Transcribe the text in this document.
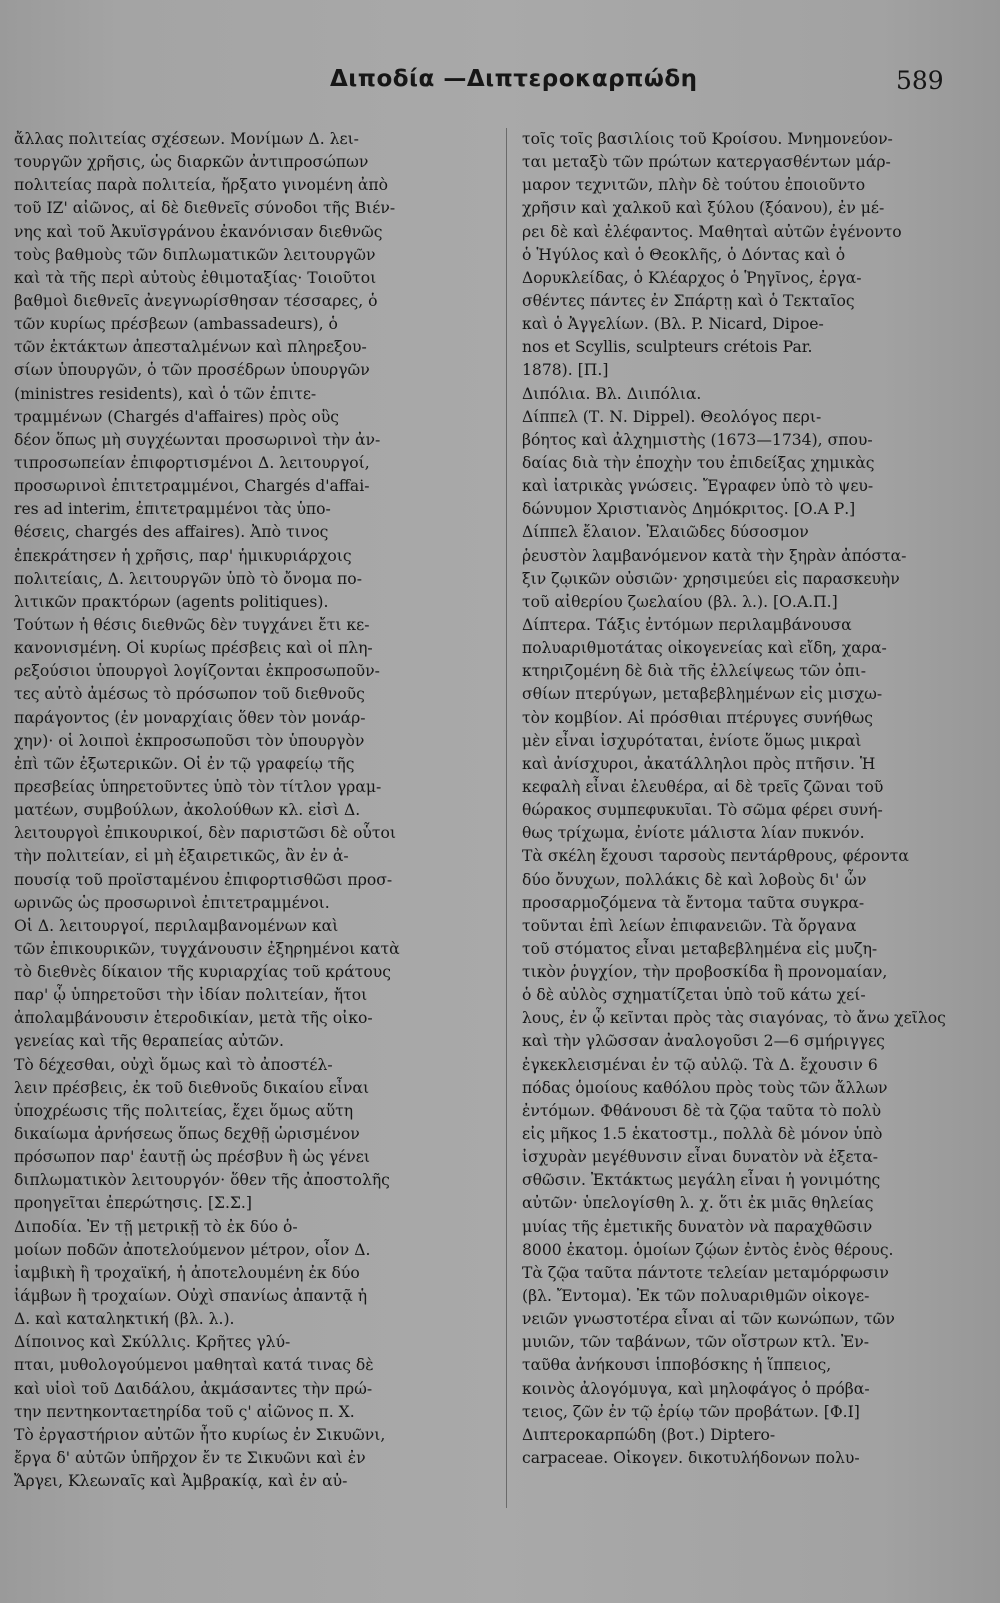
Διποδία —Διπτεροκαρπώδη	589
ἄλλας πολιτείας σχέσεων. Μονίμων Δ. λει-
τουργῶν χρῆσις, ὡς διαρκῶν ἀντιπροσώπων
πολιτείας παρὰ πολιτεία, ἤρξατο γινομένη ἀπὸ
τοῦ ΙΖ' αἰῶνος, αἱ δὲ διεθνεῖς σύνοδοι τῆς Βιέν-
νης καὶ τοῦ Ἀκυϊσγράνου ἐκανόνισαν διεθνῶς
τοὺς βαθμοὺς τῶν διπλωματικῶν λειτουργῶν
καὶ τὰ τῆς περὶ αὐτοὺς ἐθιμοταξίας· Τοιοῦτοι
βαθμοὶ διεθνεῖς ἀνεγνωρίσθησαν τέσσαρες, ὁ
τῶν κυρίως πρέσβεων (ambassadeurs), ὁ
τῶν ἐκτάκτων ἀπεσταλμένων καὶ πληρεξου-
σίων ὑπουργῶν, ὁ τῶν προσέδρων ὑπουργῶν
(ministres residents), καὶ ὁ τῶν ἐπιτε-
τραμμένων (Chargés d'affaires) πρὸς οὓς
δέον ὅπως μὴ συγχέωνται προσωρινοὶ τὴν ἀν-
τιπροσωπείαν ἐπιφορτισμένοι Δ. λειτουργοί,
προσωρινοὶ ἐπιτετραμμένοι, Chargés d'affai-
res ad interim, ἐπιτετραμμένοι τὰς ὑπο-
θέσεις, chargés des affaires). Ἀπὸ τινος
ἐπεκράτησεν ἡ χρῆσις, παρ' ἡμικυριάρχοις
πολιτείαις, Δ. λειτουργῶν ὑπὸ τὸ ὄνομα πο-
λιτικῶν πρακτόρων (agents politiques).
Τούτων ἡ θέσις διεθνῶς δὲν τυγχάνει ἔτι κε-
κανονισμένη. Οἱ κυρίως πρέσβεις καὶ οἱ πλη-
ρεξούσιοι ὑπουργοὶ λογίζονται ἐκπροσωποῦν-
τες αὐτὸ ἀμέσως τὸ πρόσωπον τοῦ διεθνοῦς
παράγοντος (ἐν μοναρχίαις ὅθεν τὸν μονάρ-
χην)· οἱ λοιποὶ ἐκπροσωποῦσι τὸν ὑπουργὸν
ἐπὶ τῶν ἐξωτερικῶν. Οἱ ἐν τῷ γραφείῳ τῆς
πρεσβείας ὑπηρετοῦντες ὑπὸ τὸν τίτλον γραμ-
ματέων, συμβούλων, ἀκολούθων κλ. εἰσὶ Δ.
λειτουργοὶ ἐπικουρικοί, δὲν παριστῶσι δὲ οὗτοι
τὴν πολιτείαν, εἰ μὴ ἐξαιρετικῶς, ἂν ἐν ἀ-
πουσίᾳ τοῦ προϊσταμένου ἐπιφορτισθῶσι προσ-
ωρινῶς ὡς προσωρινοὶ ἐπιτετραμμένοι.
Οἱ Δ. λειτουργοί, περιλαμβανομένων καὶ
τῶν ἐπικουρικῶν, τυγχάνουσιν ἐξηρημένοι κατὰ
τὸ διεθνὲς δίκαιον τῆς κυριαρχίας τοῦ κράτους
παρ' ᾧ ὑπηρετοῦσι τὴν ἰδίαν πολιτείαν, ἤτοι
ἀπολαμβάνουσιν ἑτεροδικίαν, μετὰ τῆς οἰκο-
γενείας καὶ τῆς θεραπείας αὐτῶν.
Τὸ δέχεσθαι, οὐχὶ ὅμως καὶ τὸ ἀποστέλ-
λειν πρέσβεις, ἐκ τοῦ διεθνοῦς δικαίου εἶναι
ὑποχρέωσις τῆς πολιτείας, ἔχει ὅμως αὕτη
δικαίωμα ἀρνήσεως ὅπως δεχθῇ ὡρισμένον
πρόσωπον παρ' ἑαυτῇ ὡς πρέσβυν ἢ ὡς γένει
διπλωματικὸν λειτουργόν· ὅθεν τῆς ἀποστολῆς
προηγεῖται ἐπερώτησις. [Σ.Σ.]
Διποδία. Ἐν τῇ μετρικῇ τὸ ἐκ δύο ὁ-
μοίων ποδῶν ἀποτελούμενον μέτρον, οἷον Δ.
ἰαμβικὴ ἢ τροχαϊκή, ἡ ἀποτελουμένη ἐκ δύο
ἰάμβων ἢ τροχαίων. Οὐχὶ σπανίως ἀπαντᾷ ἡ
Δ. καὶ καταληκτική (βλ. λ.).
Δίποινος καὶ Σκύλλις. Κρῆτες γλύ-
πται, μυθολογούμενοι μαθηταὶ κατά τινας δὲ
καὶ υἱοὶ τοῦ Δαιδάλου, ἀκμάσαντες τὴν πρώ-
την πεντηκονταετηρίδα τοῦ ς' αἰῶνος π. Χ.
Τὸ ἐργαστήριον αὐτῶν ἦτο κυρίως ἐν Σικυῶνι,
ἔργα δ' αὐτῶν ὑπῆρχον ἔν τε Σικυῶνι καὶ ἐν
Ἄργει, Κλεωναῖς καὶ Ἀμβρακίᾳ, καὶ ἐν αὐ-
τοῖς τοῖς βασιλίοις τοῦ Κροίσου. Μνημονεύον-
ται μεταξὺ τῶν πρώτων κατεργασθέντων μάρ-
μαρον τεχνιτῶν, πλὴν δὲ τούτου ἐποιοῦντο
χρῆσιν καὶ χαλκοῦ καὶ ξύλου (ξόανου), ἐν μέ-
ρει δὲ καὶ ἐλέφαντος. Μαθηταὶ αὐτῶν ἐγένοντο
ὁ Ἡγύλος καὶ ὁ Θεοκλῆς, ὁ Δόντας καὶ ὁ
Δορυκλείδας, ὁ Κλέαρχος ὁ Ῥηγῖνος, ἐργα-
σθέντες πάντες ἐν Σπάρτῃ καὶ ὁ Τεκταῖος
καὶ ὁ Ἀγγελίων. (Βλ. P. Nicard, Dipoe-
nos et Scyllis, sculpteurs crétois Par.
1878). [Π.]
Διπόλια. Βλ. Διιπόλια.
Δίππελ (Τ. Ν. Dippel). Θεολόγος περι-
βόητος καὶ ἀλχημιστὴς (1673—1734), σπου-
δαίας διὰ τὴν ἐποχὴν του ἐπιδείξας χημικὰς
καὶ ἰατρικὰς γνώσεις. Ἔγραφεν ὑπὸ τὸ ψευ-
δώνυμον Χριστιανὸς Δημόκριτος. [Ο.Α Ρ.]
Δίππελ ἔλαιον. Ἐλαιῶδες δύσοσμον
ῥευστὸν λαμβανόμενον κατὰ τὴν ξηρὰν ἀπόστα-
ξιν ζῳικῶν οὐσιῶν· χρησιμεύει εἰς παρασκευὴν
τοῦ αἰθερίου ζωελαίου (βλ. λ.). [Ο.Α.Π.]
Δίπτερα. Τάξις ἐντόμων περιλαμβάνουσα
πολυαριθμοτάτας οἰκογενείας καὶ εἴδη, χαρα-
κτηριζομένη δὲ διὰ τῆς ἐλλείψεως τῶν ὀπι-
σθίων πτερύγων, μεταβεβλημένων εἰς μισχω-
τὸν κομβίον. Αἱ πρόσθιαι πτέρυγες συνήθως
μὲν εἶναι ἰσχυρόταται, ἐνίοτε ὅμως μικραὶ
καὶ ἀνίσχυροι, ἀκατάλληλοι πρὸς πτῆσιν. Ἡ
κεφαλὴ εἶναι ἐλευθέρα, αἱ δὲ τρεῖς ζῶναι τοῦ
θώρακος συμπεφυκυῖαι. Τὸ σῶμα φέρει συνή-
θως τρίχωμα, ἐνίοτε μάλιστα λίαν πυκνόν.
Τὰ σκέλη ἔχουσι ταρσοὺς πεντάρθρους, φέροντα
δύο ὄνυχων, πολλάκις δὲ καὶ λοβοὺς δι' ὧν
προσαρμοζόμενα τὰ ἔντομα ταῦτα συγκρα-
τοῦνται ἐπὶ λείων ἐπιφανειῶν. Τὰ ὄργανα
τοῦ στόματος εἶναι μεταβεβλημένα εἰς μυζη-
τικὸν ῥυγχίον, τὴν προβοσκίδα ἢ προνομαίαν,
ὁ δὲ αὐλὸς σχηματίζεται ὑπὸ τοῦ κάτω χεί-
λους, ἐν ᾧ κεῖνται πρὸς τὰς σιαγόνας, τὸ ἄνω χεῖλος
καὶ τὴν γλῶσσαν ἀναλογοῦσι 2—6 σμήριγγες
ἐγκεκλεισμέναι ἐν τῷ αὐλῷ. Τὰ Δ. ἔχουσιν 6
πόδας ὁμοίους καθόλου πρὸς τοὺς τῶν ἄλλων
ἐντόμων. Φθάνουσι δὲ τὰ ζῷα ταῦτα τὸ πολὺ
εἰς μῆκος 1.5 ἑκατοστμ., πολλὰ δὲ μόνον ὑπὸ
ἰσχυρὰν μεγέθυνσιν εἶναι δυνατὸν νὰ ἐξετα-
σθῶσιν. Ἐκτάκτως μεγάλη εἶναι ἡ γονιμότης
αὐτῶν· ὑπελογίσθη λ. χ. ὅτι ἐκ μιᾶς θηλείας
μυίας τῆς ἐμετικῆς δυνατὸν νὰ παραχθῶσιν
8000 ἑκατομ. ὁμοίων ζῴων ἐντὸς ἑνὸς θέρους.
Τὰ ζῷα ταῦτα πάντοτε τελείαν μεταμόρφωσιν
(βλ. Ἔντομα). Ἐκ τῶν πολυαριθμῶν οἰκογε-
νειῶν γνωστοτέρα εἶναι αἱ τῶν κωνώπων, τῶν
μυιῶν, τῶν ταβάνων, τῶν οἴστρων κτλ. Ἐν-
ταῦθα ἀνήκουσι ἱπποβόσκης ἡ ἵππειος,
κοινὸς ἀλογόμυγα, καὶ μηλοφάγος ὁ πρόβα-
τειος, ζῶν ἐν τῷ ἐρίῳ τῶν προβάτων. [Φ.Ι]
Διπτεροκαρπώδη (βοτ.) Diptero-
carpaceae. Οἰκογεν. δικοτυλήδονων πολυ-
